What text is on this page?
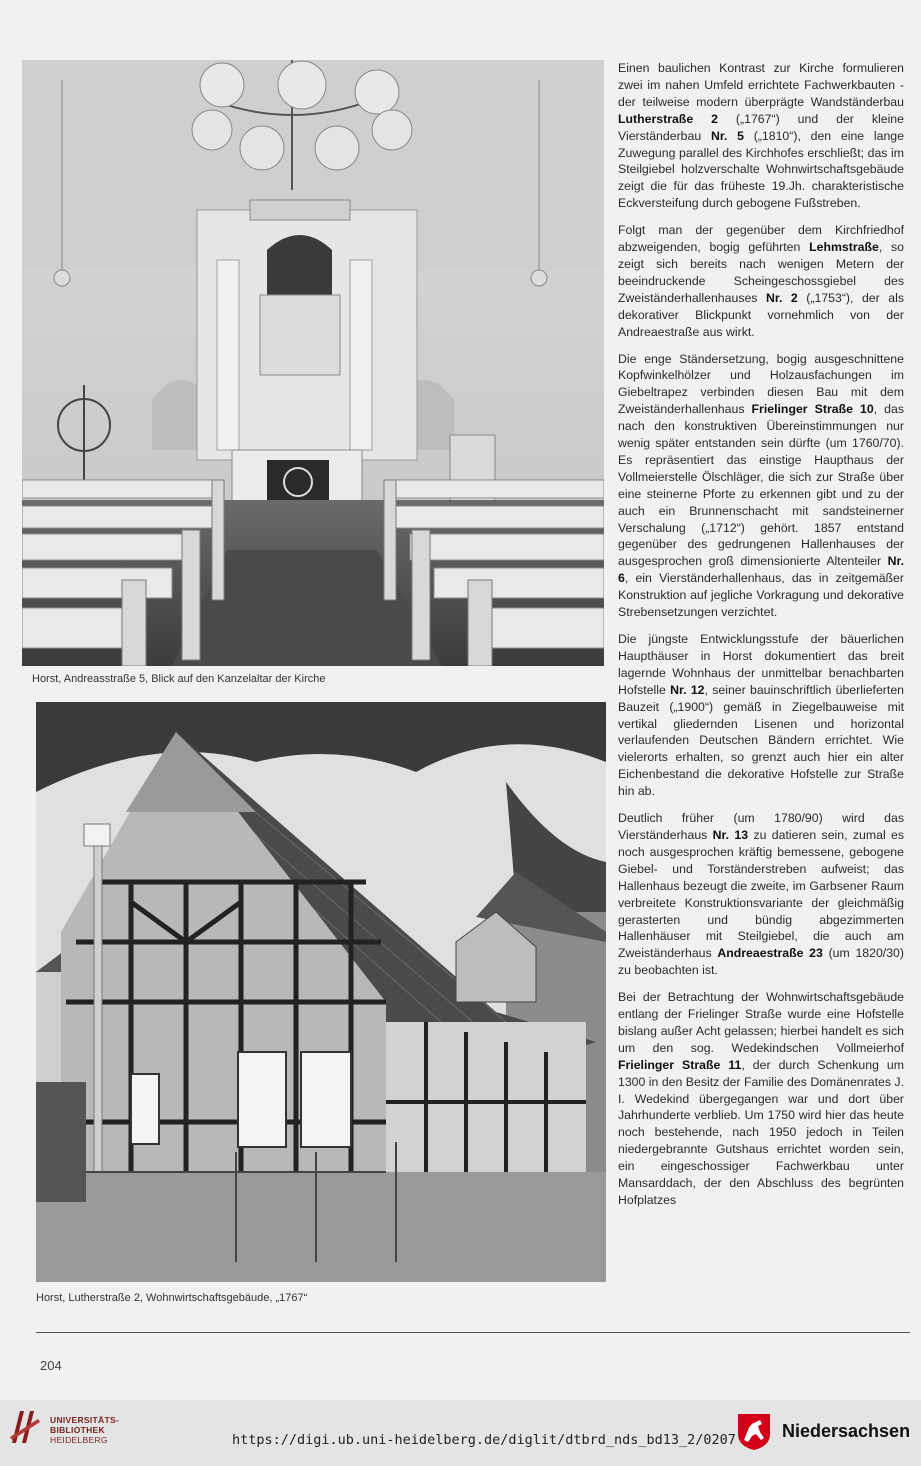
Horst, Andreasstraße 5, Blick auf den Kanzelaltar der Kirche
Horst, Lutherstraße 2, Wohnwirtschaftsgebäude, „1767“

Einen baulichen Kontrast zur Kirche formulieren zwei im nahen Umfeld errichtete Fachwerkbauten - der teilweise modern überprägte Wandständerbau Lutherstraße 2 („1767“) und der kleine Vierständerbau Nr. 5 („1810“), den eine lange Zuwegung parallel des Kirchhofes erschließt; das im Steilgiebel holzverschalte Wohnwirtschaftsgebäude zeigt die für das früheste 19.Jh. charakteristische Eckversteifung durch gebogene Fußstreben.

Folgt man der gegenüber dem Kirchfriedhof abzweigenden, bogig geführten Lehmstraße, so zeigt sich bereits nach wenigen Metern der beeindruckende Scheingeschossgiebel des Zweiständerhallenhauses Nr. 2 („1753“), der als dekorativer Blickpunkt vornehmlich von der Andreaestraße aus wirkt.

Die enge Ständersetzung, bogig ausgeschnittene Kopfwinkelhölzer und Holzausfachungen im Giebeltrapez verbinden diesen Bau mit dem Zweiständerhallenhaus Frielinger Straße 10, das nach den konstruktiven Übereinstimmungen nur wenig später entstanden sein dürfte (um 1760/70). Es repräsentiert das einstige Haupthaus der Vollmeierstelle Ölschläger, die sich zur Straße über eine steinerne Pforte zu erkennen gibt und zu der auch ein Brunnenschacht mit sandsteinerner Verschalung („1712“) gehört. 1857 entstand gegenüber des gedrungenen Hallenhauses der ausgesprochen groß dimensionierte Altenteiler Nr. 6, ein Vierständerhallenhaus, das in zeitgemäßer Konstruktion auf jegliche Vorkragung und dekorative Strebensetzungen verzichtet.

Die jüngste Entwicklungsstufe der bäuerlichen Haupthäuser in Horst dokumentiert das breit lagernde Wohnhaus der unmittelbar benachbarten Hofstelle Nr. 12, seiner bauinschriftlich überlieferten Bauzeit („1900“) gemäß in Ziegelbauweise mit vertikal gliedernden Lisenen und horizontal verlaufenden Deutschen Bändern errichtet. Wie vielerorts erhalten, so grenzt auch hier ein alter Eichenbestand die dekorative Hofstelle zur Straße hin ab.

Deutlich früher (um 1780/90) wird das Vierständerhaus Nr. 13 zu datieren sein, zumal es noch ausgesprochen kräftig bemessene, gebogene Giebel- und Torständerstreben aufweist; das Hallenhaus bezeugt die zweite, im Garbsener Raum verbreitete Konstruktionsvariante der gleichmäßig gerasterten und bündig abgezimmerten Hallenhäuser mit Steilgiebel, die auch am Zweiständerhaus Andreaestraße 23 (um 1820/30) zu beobachten ist.

Bei der Betrachtung der Wohnwirtschaftsgebäude entlang der Frielinger Straße wurde eine Hofstelle bislang außer Acht gelassen; hierbei handelt es sich um den sog. Wedekindschen Vollmeierhof Frielinger Straße 11, der durch Schenkung um 1300 in den Besitz der Familie des Domänenrates J. I. Wedekind übergegangen war und dort über Jahrhunderte verblieb. Um 1750 wird hier das heute noch bestehende, nach 1950 jedoch in Teilen niedergebrannte Gutshaus errichtet worden sein, ein eingeschossiger Fachwerkbau unter Mansarddach, der den Abschluss des begrünten Hofplatzes

204
UNIVERSITÄTS-
BIBLIOTHEK
HEIDELBERG	https://digi.ub.uni-heidelberg.de/diglit/dtbrd_nds_bd13_2/0207	Niedersachsen
